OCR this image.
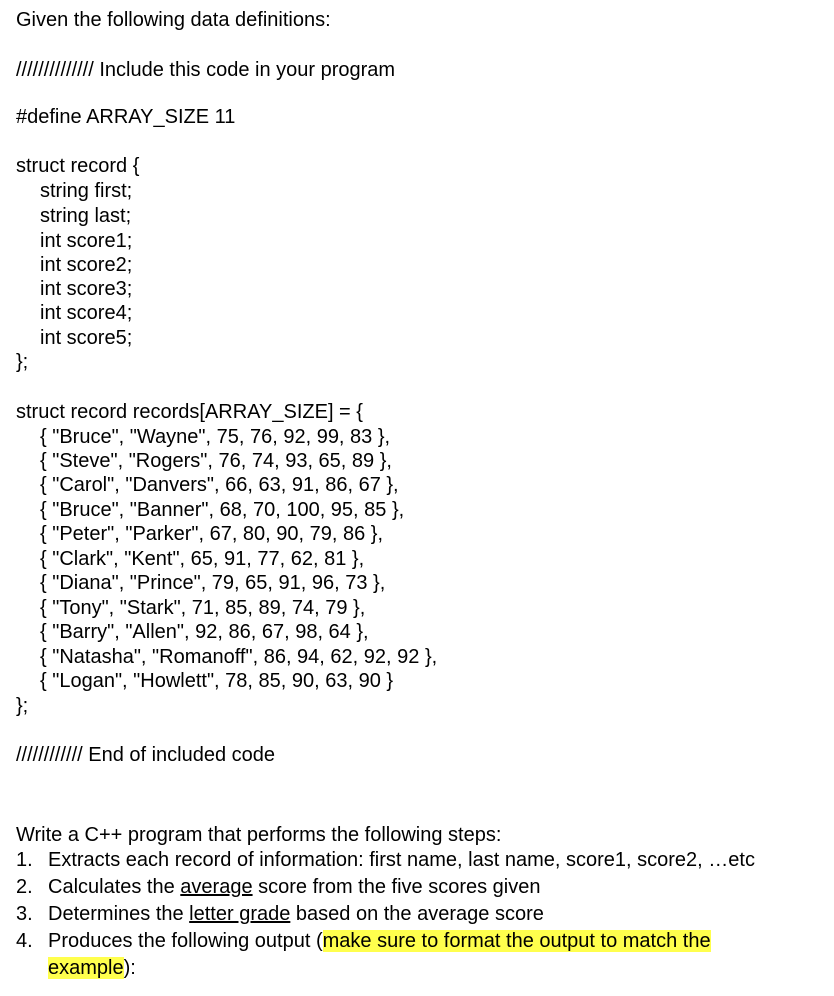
Given the following data definitions:
////////////// Include this code in your program
#define ARRAY_SIZE 11
struct record {
string first;
string last;
int score1;
int score2;
int score3;
int score4;
int score5;
};
struct record records[ARRAY_SIZE] = {
{ "Bruce", "Wayne", 75, 76, 92, 99, 83 },
{ "Steve", "Rogers", 76, 74, 93, 65, 89 },
{ "Carol", "Danvers", 66, 63, 91, 86, 67 },
{ "Bruce", "Banner", 68, 70, 100, 95, 85 },
{ "Peter", "Parker", 67, 80, 90, 79, 86 },
{ "Clark", "Kent", 65, 91, 77, 62, 81 },
{ "Diana", "Prince", 79, 65, 91, 96, 73 },
{ "Tony", "Stark", 71, 85, 89, 74, 79 },
{ "Barry", "Allen", 92, 86, 67, 98, 64 },
{ "Natasha", "Romanoff", 86, 94, 62, 92, 92 },
{ "Logan", "Howlett", 78, 85, 90, 63, 90 }
};
//////////// End of included code
Write a C++ program that performs the following steps:
1. Extracts each record of information: first name, last name, score1, score2, …etc
2. Calculates the average score from the five scores given
3. Determines the letter grade based on the average score
4. Produces the following output (make sure to format the output to match the
example):
